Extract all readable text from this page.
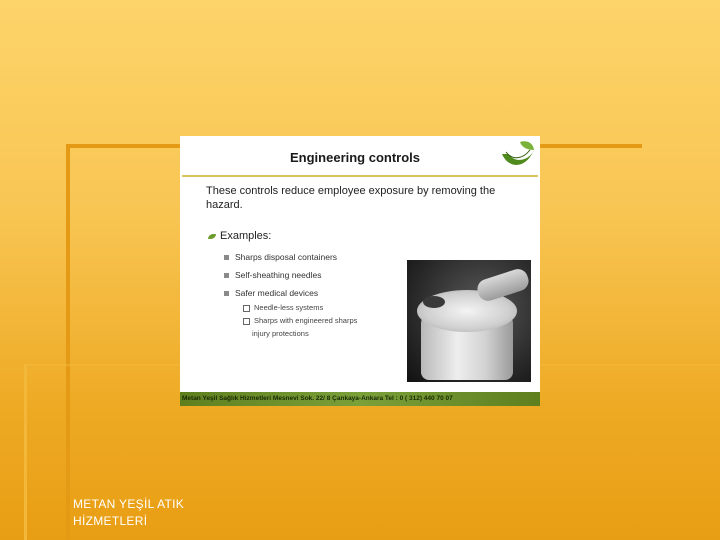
Engineering controls
These controls reduce employee exposure by removing the hazard.
Examples:
Sharps disposal containers
Self-sheathing needles
Safer medical devices
Needle-less systems
Sharps with engineered sharps
injury protections
Metan Yeşil Sağlık Hizmetleri Mesnevi Sok. 22/ 8 Çankaya-Ankara Tel : 0 ( 312) 440 70 07
METAN YEŞİL ATIK
HİZMETLERİ
